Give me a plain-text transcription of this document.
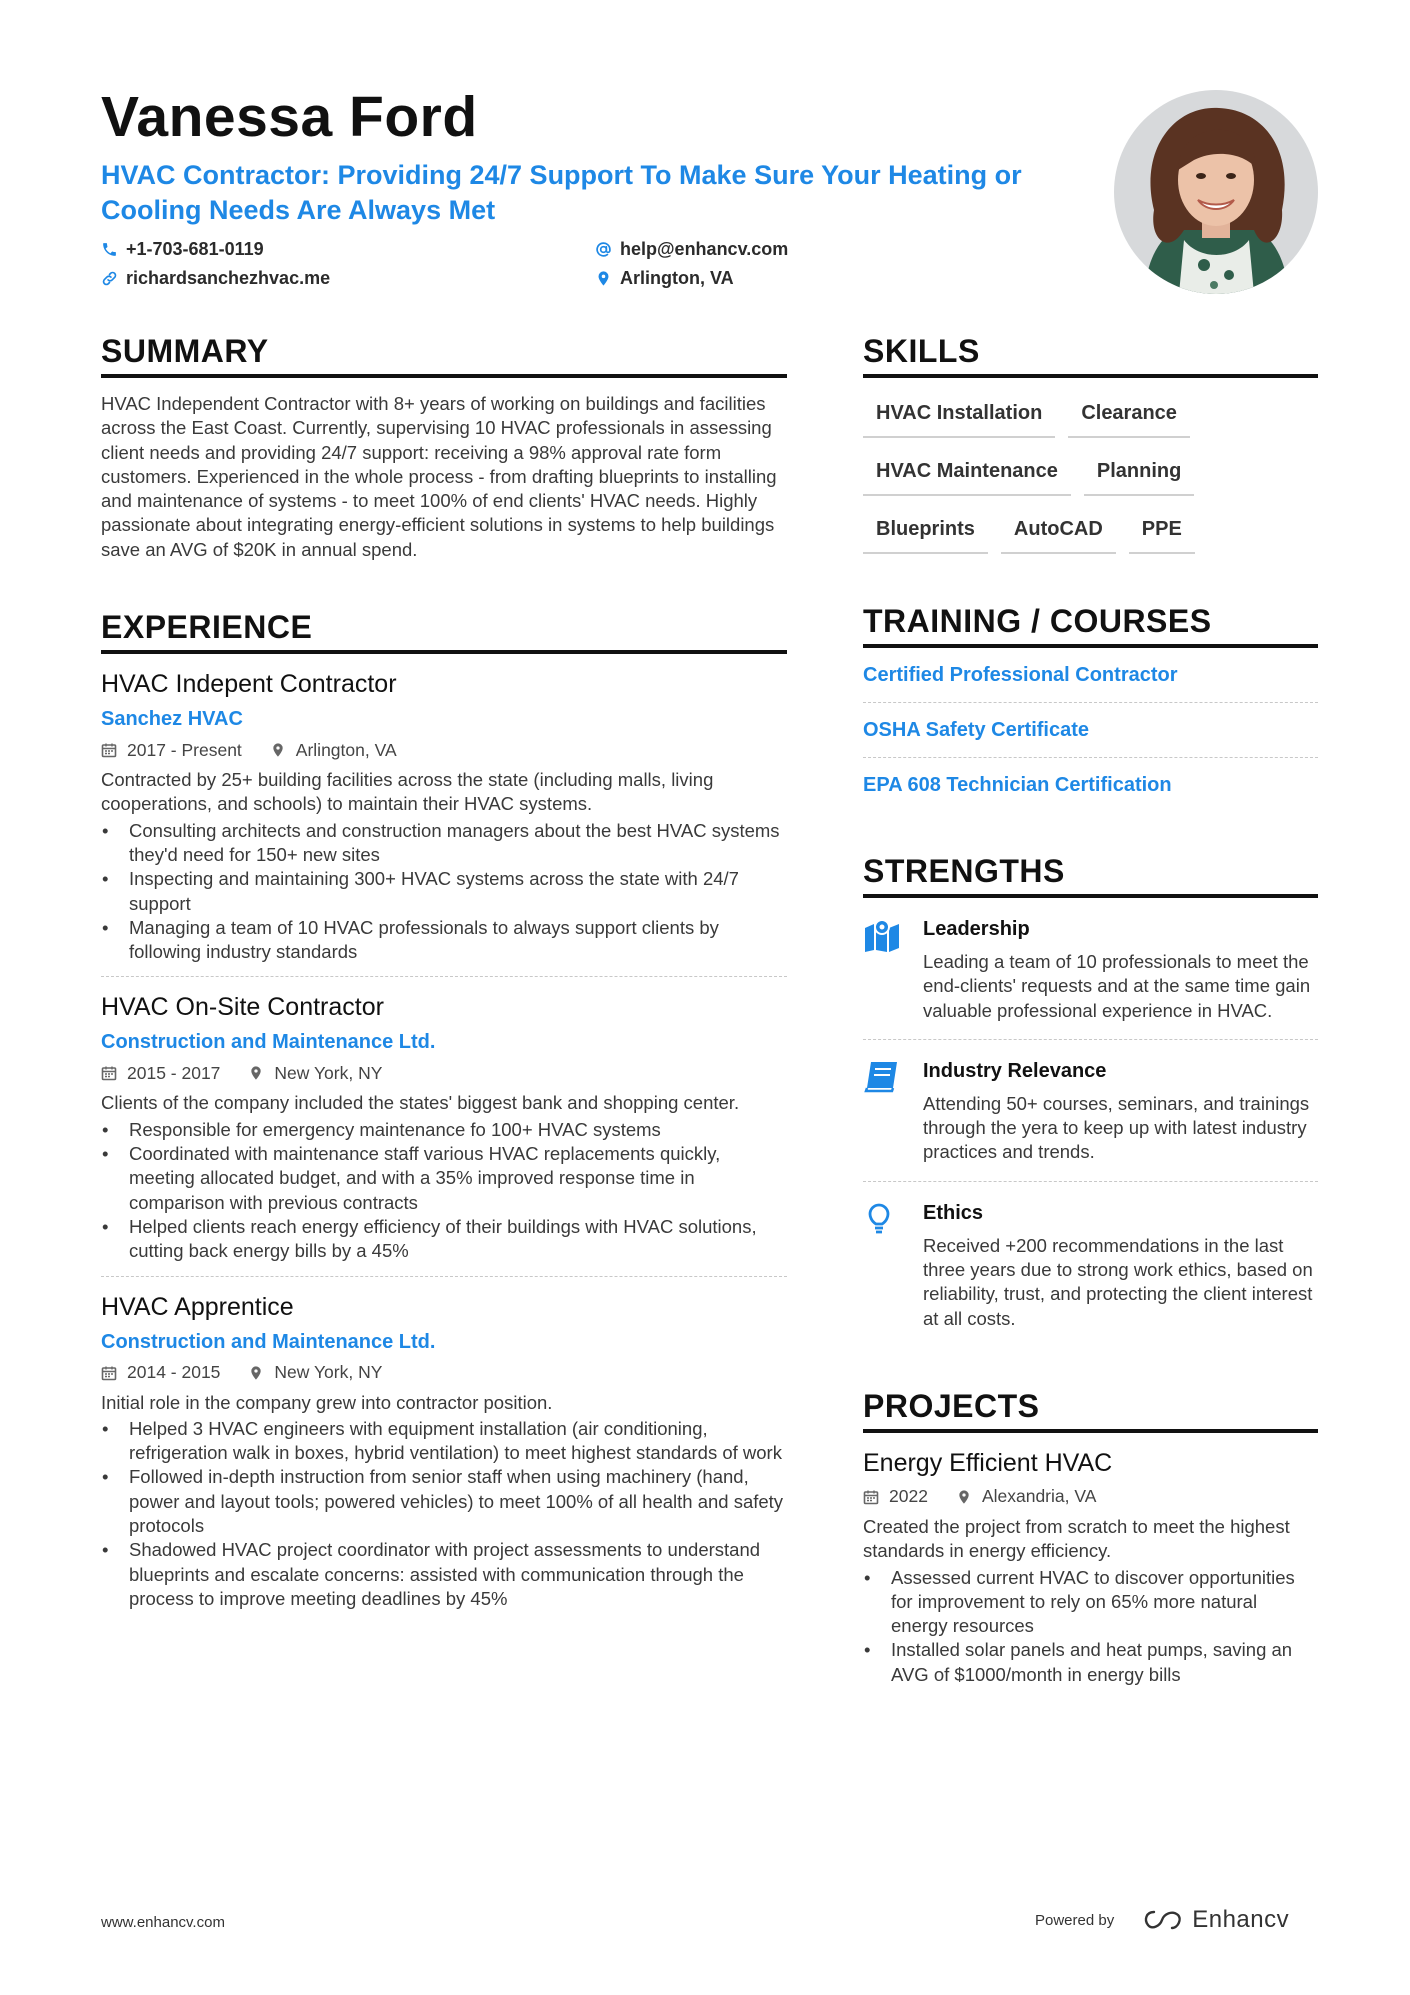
Vanessa Ford
HVAC Contractor: Providing 24/7 Support To Make Sure Your Heating or Cooling Needs Are Always Met
+1-703-681-0119	help@enhancv.com
richardsanchezhvac.me	Arlington, VA
SUMMARY

HVAC Independent Contractor with 8+ years of working on buildings and facilities across the East Coast. Currently, supervising 10 HVAC professionals in assessing client needs and providing 24/7 support: receiving a 98% approval rate form customers. Experienced in the whole process - from drafting blueprints to installing and maintenance of systems - to meet 100% of end clients' HVAC needs. Highly passionate about integrating energy-efficient solutions in systems to help buildings save an AVG of $20K in annual spend.

EXPERIENCE
HVAC Indepent Contractor
Sanchez HVAC
2017 - Present	Arlington, VA

Contracted by 25+ building facilities across the state (including malls, living cooperations, and schools) to maintain their HVAC systems.

• Consulting architects and construction managers about the best HVAC systems they'd need for 150+ new sites
• Inspecting and maintaining 300+ HVAC systems across the state with 24/7 support
• Managing a team of 10 HVAC professionals to always support clients by following industry standards
HVAC On-Site Contractor
Construction and Maintenance Ltd.
2015 - 2017	New York, NY

Clients of the company included the states' biggest bank and shopping center.

• Responsible for emergency maintenance fo 100+ HVAC systems
• Coordinated with maintenance staff various HVAC replacements quickly, meeting allocated budget, and with a 35% improved response time in comparison with previous contracts
• Helped clients reach energy efficiency of their buildings with HVAC solutions, cutting back energy bills by a 45%
HVAC Apprentice
Construction and Maintenance Ltd.
2014 - 2015	New York, NY

Initial role in the company grew into contractor position.

• Helped 3 HVAC engineers with equipment installation (air conditioning, refrigeration walk in boxes, hybrid ventilation) to meet highest standards of work
• Followed in-depth instruction from senior staff when using machinery (hand, power and layout tools; powered vehicles) to meet 100% of all health and safety protocols
• Shadowed HVAC project coordinator with project assessments to understand blueprints and escalate concerns: assisted with communication through the process to improve meeting deadlines by 45%
SKILLS
HVAC Installation	Clearance
HVAC Maintenance	Planning
Blueprints	AutoCAD	PPE
TRAINING / COURSES
Certified Professional Contractor
OSHA Safety Certificate
EPA 608 Technician Certification
STRENGTHS
Leadership
Leading a team of 10 professionals to meet the end-clients' requests and at the same time gain valuable professional experience in HVAC.
Industry Relevance
Attending 50+ courses, seminars, and trainings through the yera to keep up with latest industry practices and trends.
Ethics
Received +200 recommendations in the last three years due to strong work ethics, based on reliability, trust, and protecting the client interest at all costs.
PROJECTS
Energy Efficient HVAC
2022	Alexandria, VA

Created the project from scratch to meet the highest standards in energy efficiency.

• Assessed current HVAC to discover opportunities for improvement to rely on 65% more natural energy resources
• Installed solar panels and heat pumps, saving an AVG of $1000/month in energy bills
www.enhancv.com	Powered by	Enhancv
